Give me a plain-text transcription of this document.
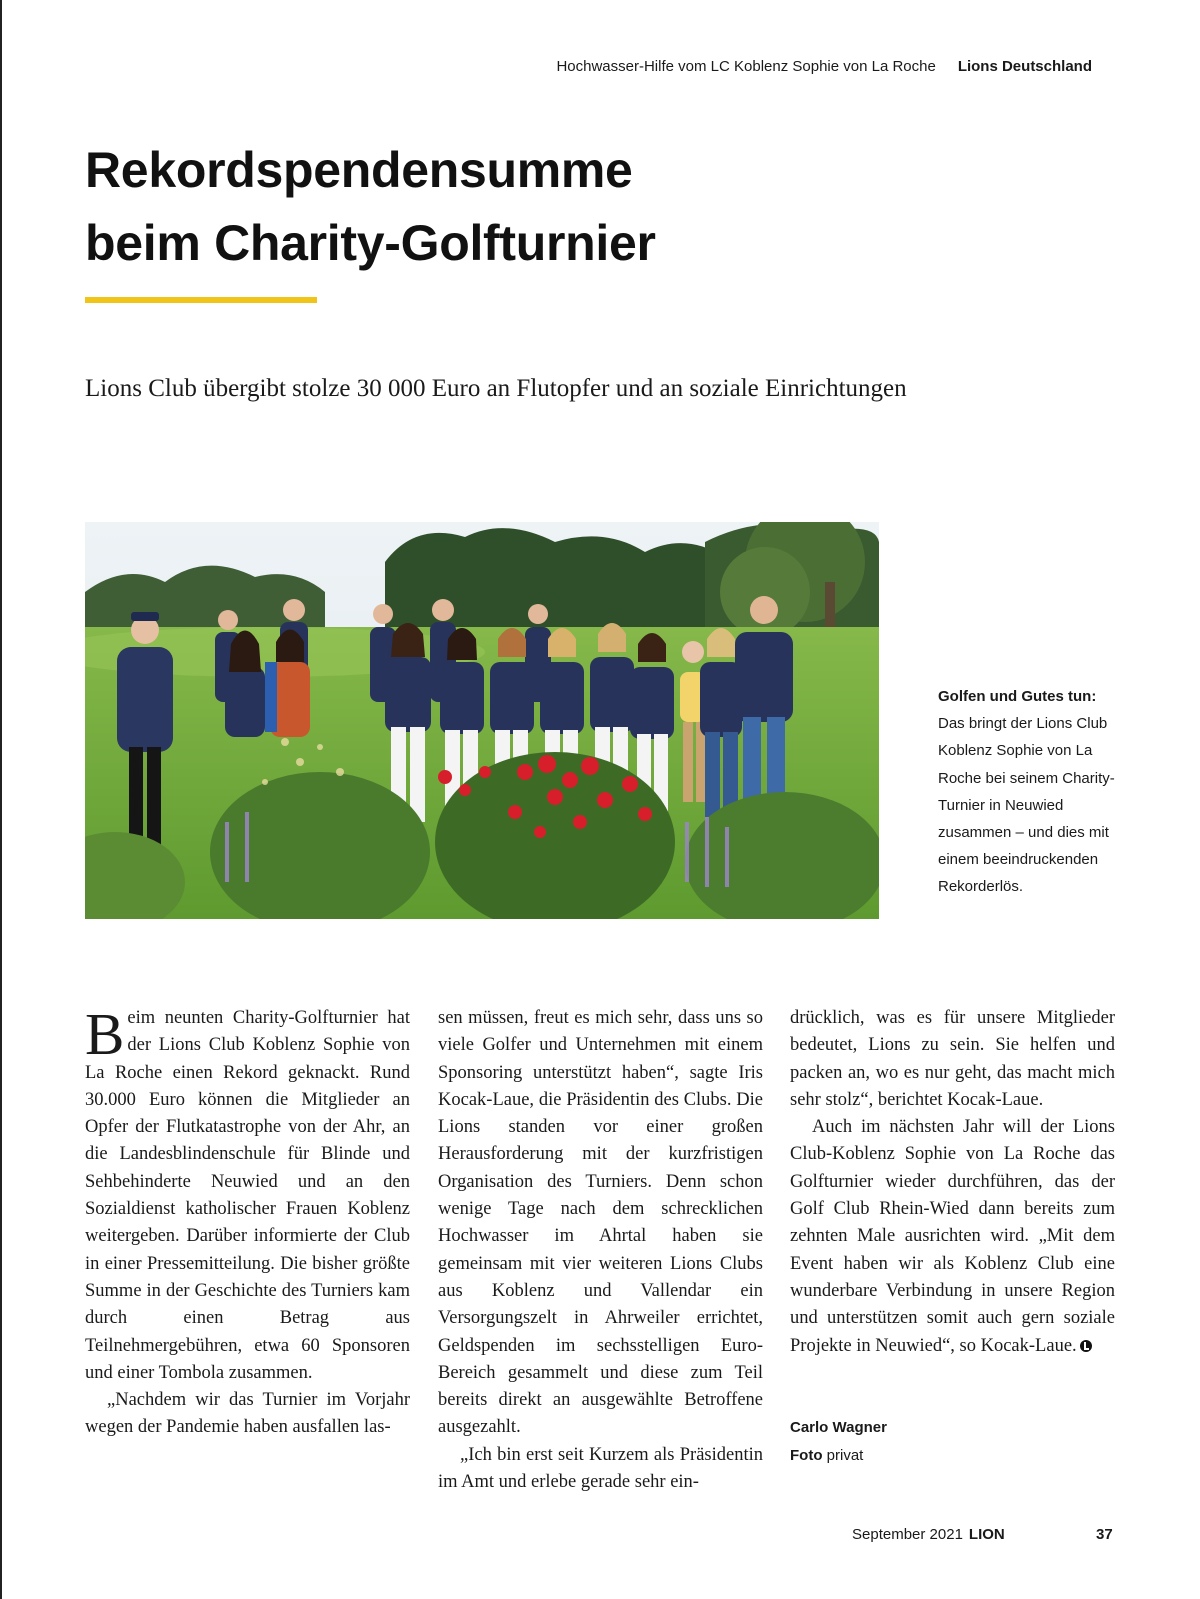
Hochwasser-Hilfe vom LC Koblenz Sophie von La Roche Lions Deutschland
Rekordspendensumme
beim Charity-Golfturnier

Lions Club übergibt stolze 30 000 Euro an Flutopfer und an soziale Einrichtungen

Golfen und Gutes tun:
Das bringt der Lions Club Koblenz Sophie von La Roche bei seinem Charity-Turnier in Neuwied zusammen – und dies mit einem beeindruckenden Rekorderlös.

Beim neunten Charity-Golfturnier hat der Lions Club Koblenz Sophie von La Roche einen Rekord geknackt. Rund 30.000 Euro können die Mitglieder an Opfer der Flutkatastrophe von der Ahr, an die Landesblindenschule für Blinde und Sehbehinderte Neuwied und an den Sozialdienst katholischer Frauen Koblenz weitergeben. Darüber informierte der Club in einer Pressemitteilung. Die bisher größte Summe in der Geschichte des Turniers kam durch einen Betrag aus Teilnehmergebühren, etwa 60 Sponsoren und einer Tombola zusammen.

„Nachdem wir das Turnier im Vorjahr wegen der Pandemie haben ausfallen las-

sen müssen, freut es mich sehr, dass uns so viele Golfer und Unternehmen mit einem Sponsoring unterstützt haben“, sagte Iris Kocak-Laue, die Präsidentin des Clubs. Die Lions standen vor einer großen Herausforderung mit der kurzfristigen Organisation des Turniers. Denn schon wenige Tage nach dem schrecklichen Hochwasser im Ahrtal haben sie gemeinsam mit vier weiteren Lions Clubs aus Koblenz und Vallendar ein Versorgungszelt in Ahrweiler errichtet, Geldspenden im sechsstelligen Euro-Bereich gesammelt und diese zum Teil bereits direkt an ausgewählte Betroffene ausgezahlt.

„Ich bin erst seit Kurzem als Präsidentin im Amt und erlebe gerade sehr ein-

drücklich, was es für unsere Mitglieder bedeutet, Lions zu sein. Sie helfen und packen an, wo es nur geht, das macht mich sehr stolz“, berichtet Kocak-Laue.

Auch im nächsten Jahr will der Lions Club-Koblenz Sophie von La Roche das Golfturnier wieder durchführen, das der Golf Club Rhein-Wied dann bereits zum zehnten Male ausrichten wird. „Mit dem Event haben wir als Koblenz Club eine wunderbare Verbindung in unsere Region und unterstützen somit auch gern soziale Projekte in Neuwied“, so Kocak-Laue.

Carlo Wagner
Foto privat
September 2021 LION	37
